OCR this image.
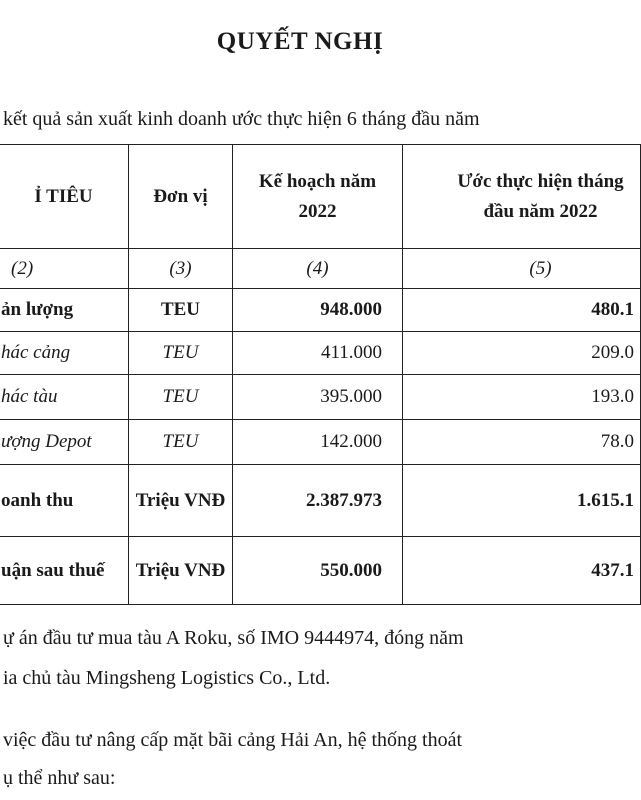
QUYẾT NGHỊ
kết quả sản xuất kinh doanh ước thực hiện 6 tháng đầu năm
Ỉ TIÊU	Đơn vị	Kế hoạch năm 2022	Ước thực hiện tháng đầu năm 2022
(2)	(3)	(4)	(5)
ản lượng	TEU	948.000	480.1
hác cảng	TEU	411.000	209.0
hác tàu	TEU	395.000	193.0
ượng Depot	TEU	142.000	78.0
oanh thu	Triệu VNĐ	2.387.973	1.615.1
uận sau thuế	Triệu VNĐ	550.000	437.1
ự án đầu tư mua tàu A Roku, số IMO 9444974, đóng năm
ia chủ tàu Mingsheng Logistics Co., Ltd.
việc đầu tư nâng cấp mặt bãi cảng Hải An, hệ thống thoát
ụ thể như sau:
